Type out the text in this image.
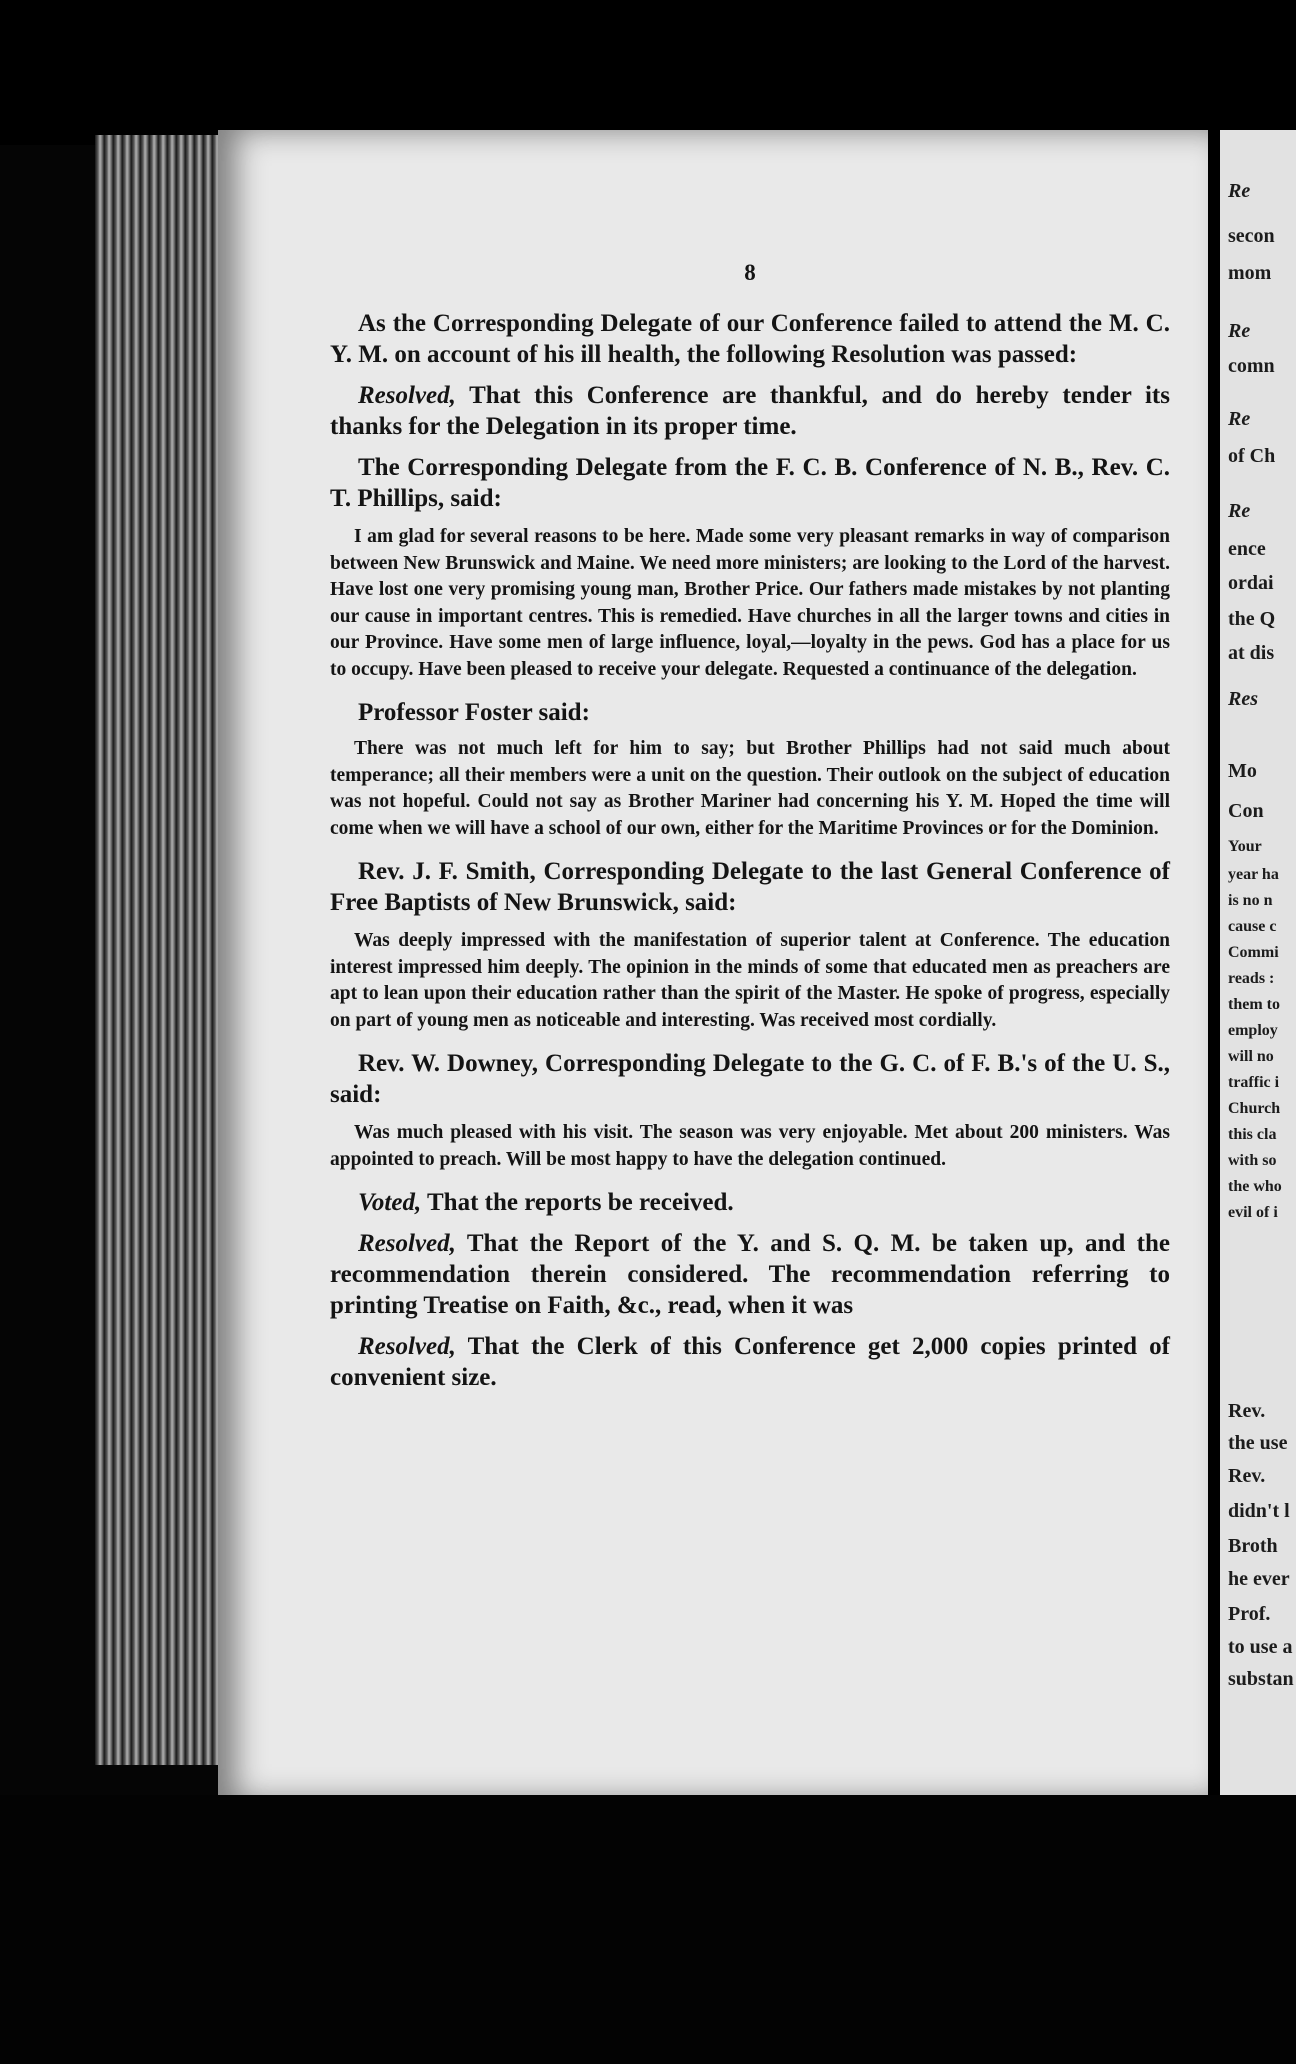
8

As the Corresponding Delegate of our Conference failed to attend the M. C. Y. M. on account of his ill health, the following Resolution was passed:

Resolved, That this Conference are thankful, and do hereby tender its thanks for the Delegation in its proper time.

The Corresponding Delegate from the F. C. B. Conference of N. B., Rev. C. T. Phillips, said:

I am glad for several reasons to be here. Made some very pleasant remarks in way of comparison between New Brunswick and Maine. We need more ministers; are looking to the Lord of the harvest. Have lost one very promising young man, Brother Price. Our fathers made mistakes by not planting our cause in important centres. This is remedied. Have churches in all the larger towns and cities in our Province. Have some men of large influence, loyal,—loyalty in the pews. God has a place for us to occupy. Have been pleased to receive your delegate. Requested a continuance of the delegation.

Professor Foster said:

There was not much left for him to say; but Brother Phillips had not said much about temperance; all their members were a unit on the question. Their outlook on the subject of education was not hopeful. Could not say as Brother Mariner had concerning his Y. M. Hoped the time will come when we will have a school of our own, either for the Maritime Provinces or for the Dominion.

Rev. J. F. Smith, Corresponding Delegate to the last General Conference of Free Baptists of New Brunswick, said:

Was deeply impressed with the manifestation of superior talent at Conference. The education interest impressed him deeply. The opinion in the minds of some that educated men as preachers are apt to lean upon their education rather than the spirit of the Master. He spoke of progress, especially on part of young men as noticeable and interesting. Was received most cordially.

Rev. W. Downey, Corresponding Delegate to the G. C. of F. B.'s of the U. S., said:

Was much pleased with his visit. The season was very enjoyable. Met about 200 ministers. Was appointed to preach. Will be most happy to have the delegation continued.

Voted, That the reports be received.

Resolved, That the Report of the Y. and S. Q. M. be taken up, and the recommendation therein considered. The recommendation referring to printing Treatise on Faith, &c., read, when it was

Resolved, That the Clerk of this Conference get 2,000 copies printed of convenient size.

Re
secon
mom
Re
comn
Re
of Ch
Re
ence
ordai
the Q
at dis
Res
Mo
Con
Your
year ha
is no n
cause c
Commi
reads :
them to
employ
will no
traffic i
Church
this cla
with so
the who
evil of i
Rev.
the use
Rev.
didn't l
Broth
he ever
Prof.
to use a
substan
